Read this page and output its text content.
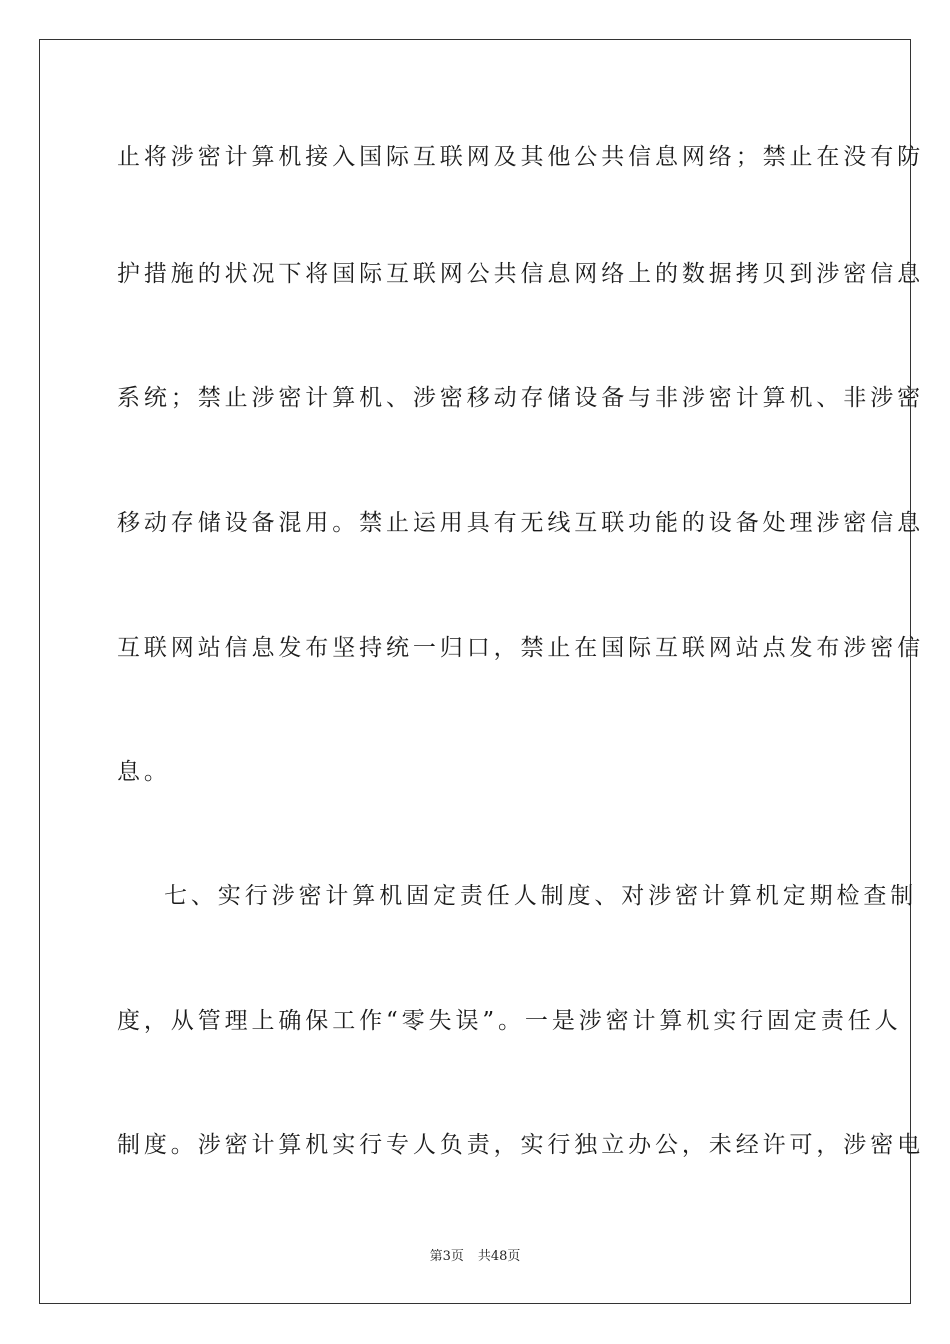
止将涉密计算机接入国际互联网及其他公共信息网络；禁止在没有防
护措施的状况下将国际互联网公共信息网络上的数据拷贝到涉密信息
系统；禁止涉密计算机、涉密移动存储设备与非涉密计算机、非涉密
移动存储设备混用。禁止运用具有无线互联功能的设备处理涉密信息
互联网站信息发布坚持统一归口，禁止在国际互联网站点发布涉密信
息。
七、实行涉密计算机固定责任人制度、对涉密计算机定期检查制
度，从管理上确保工作“零失误”。一是涉密计算机实行固定责任人
制度。涉密计算机实行专人负责，实行独立办公，未经许可，涉密电
第3页 共48页
